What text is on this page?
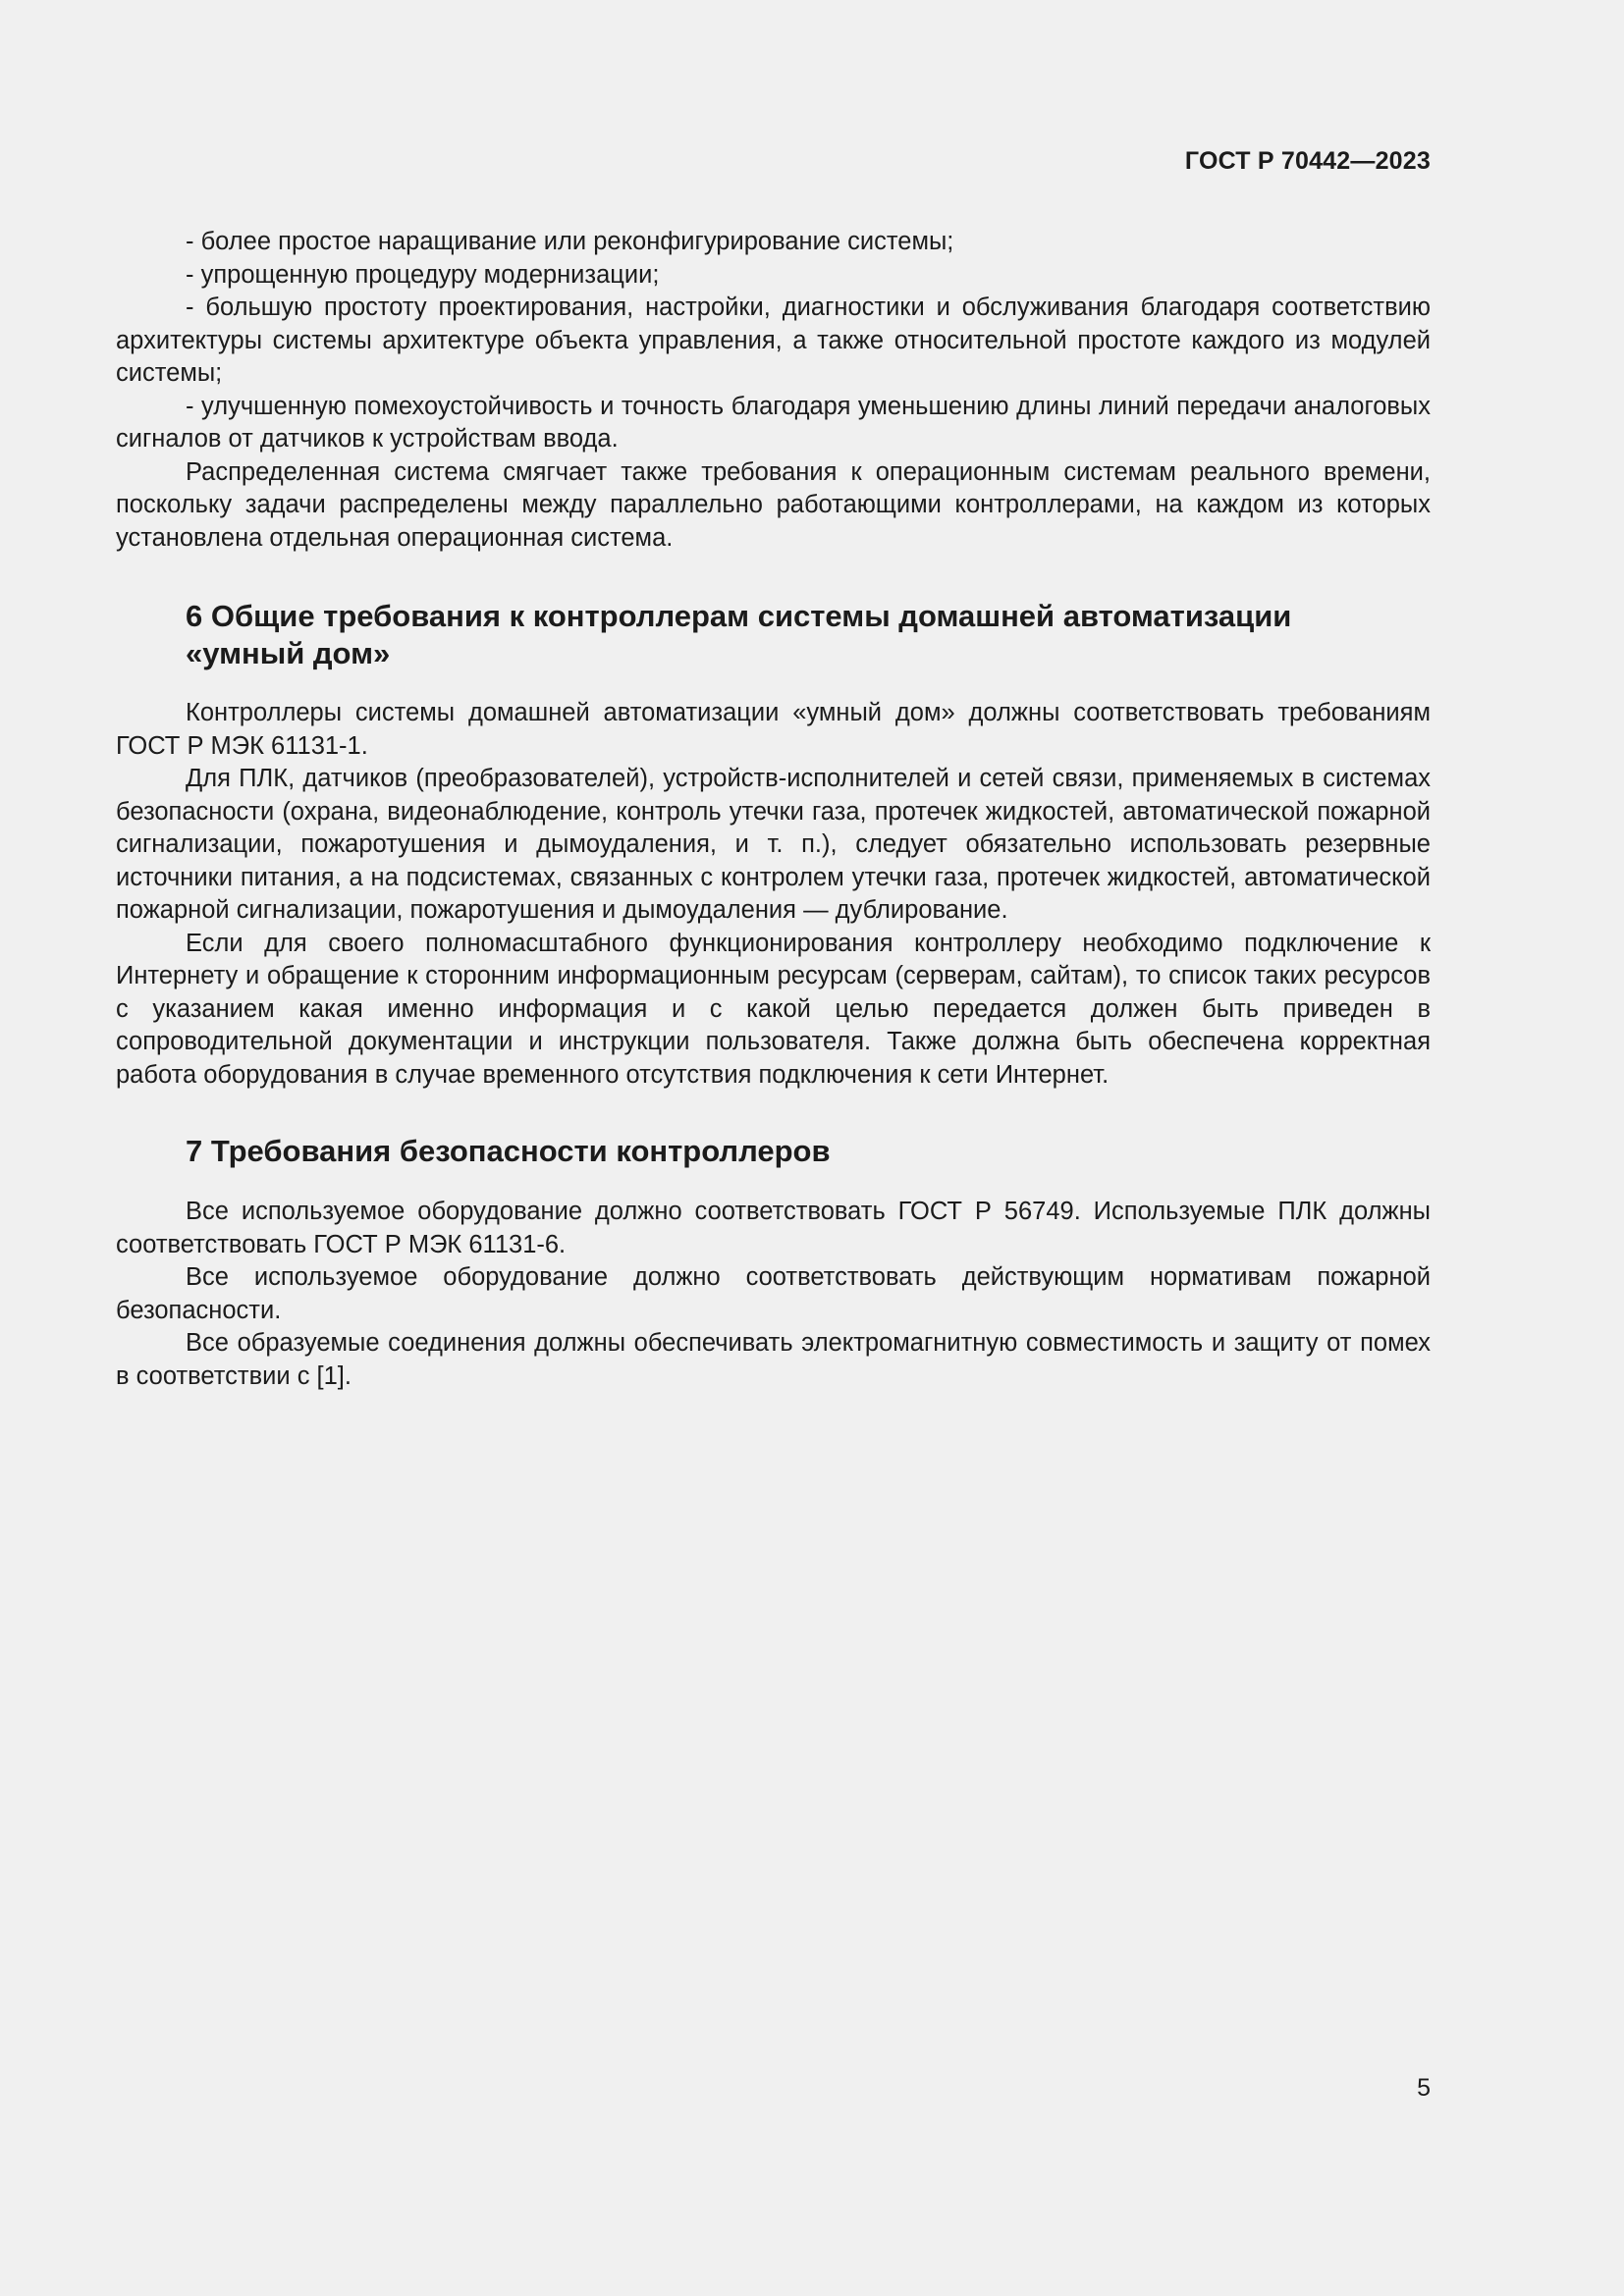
ГОСТ Р 70442—2023

- более простое наращивание или реконфигурирование системы;

- упрощенную процедуру модернизации;

- большую простоту проектирования, настройки, диагностики и обслуживания благодаря соответствию архитектуры системы архитектуре объекта управления, а также относительной простоте каждого из модулей системы;

- улучшенную помехоустойчивость и точность благодаря уменьшению длины линий передачи аналоговых сигналов от датчиков к устройствам ввода.

Распределенная система смягчает также требования к операционным системам реального времени, поскольку задачи распределены между параллельно работающими контроллерами, на каждом из которых установлена отдельная операционная система.

6 Общие требования к контроллерам системы домашней автоматизации «умный дом»

Контроллеры системы домашней автоматизации «умный дом» должны соответствовать требованиям ГОСТ Р МЭК 61131-1.

Для ПЛК, датчиков (преобразователей), устройств-исполнителей и сетей связи, применяемых в системах безопасности (охрана, видеонаблюдение, контроль утечки газа, протечек жидкостей, автоматической пожарной сигнализации, пожаротушения и дымоудаления, и т. п.), следует обязательно использовать резервные источники питания, а на подсистемах, связанных с контролем утечки газа, протечек жидкостей, автоматической пожарной сигнализации, пожаротушения и дымоудаления — дублирование.

Если для своего полномасштабного функционирования контроллеру необходимо подключение к Интернету и обращение к сторонним информационным ресурсам (серверам, сайтам), то список таких ресурсов с указанием какая именно информация и с какой целью передается должен быть приведен в сопроводительной документации и инструкции пользователя. Также должна быть обеспечена корректная работа оборудования в случае временного отсутствия подключения к сети Интернет.

7 Требования безопасности контроллеров

Все используемое оборудование должно соответствовать ГОСТ Р 56749. Используемые ПЛК должны соответствовать ГОСТ Р МЭК 61131-6.

Все используемое оборудование должно соответствовать действующим нормативам пожарной безопасности.

Все образуемые соединения должны обеспечивать электромагнитную совместимость и защиту от помех в соответствии с [1].

5
